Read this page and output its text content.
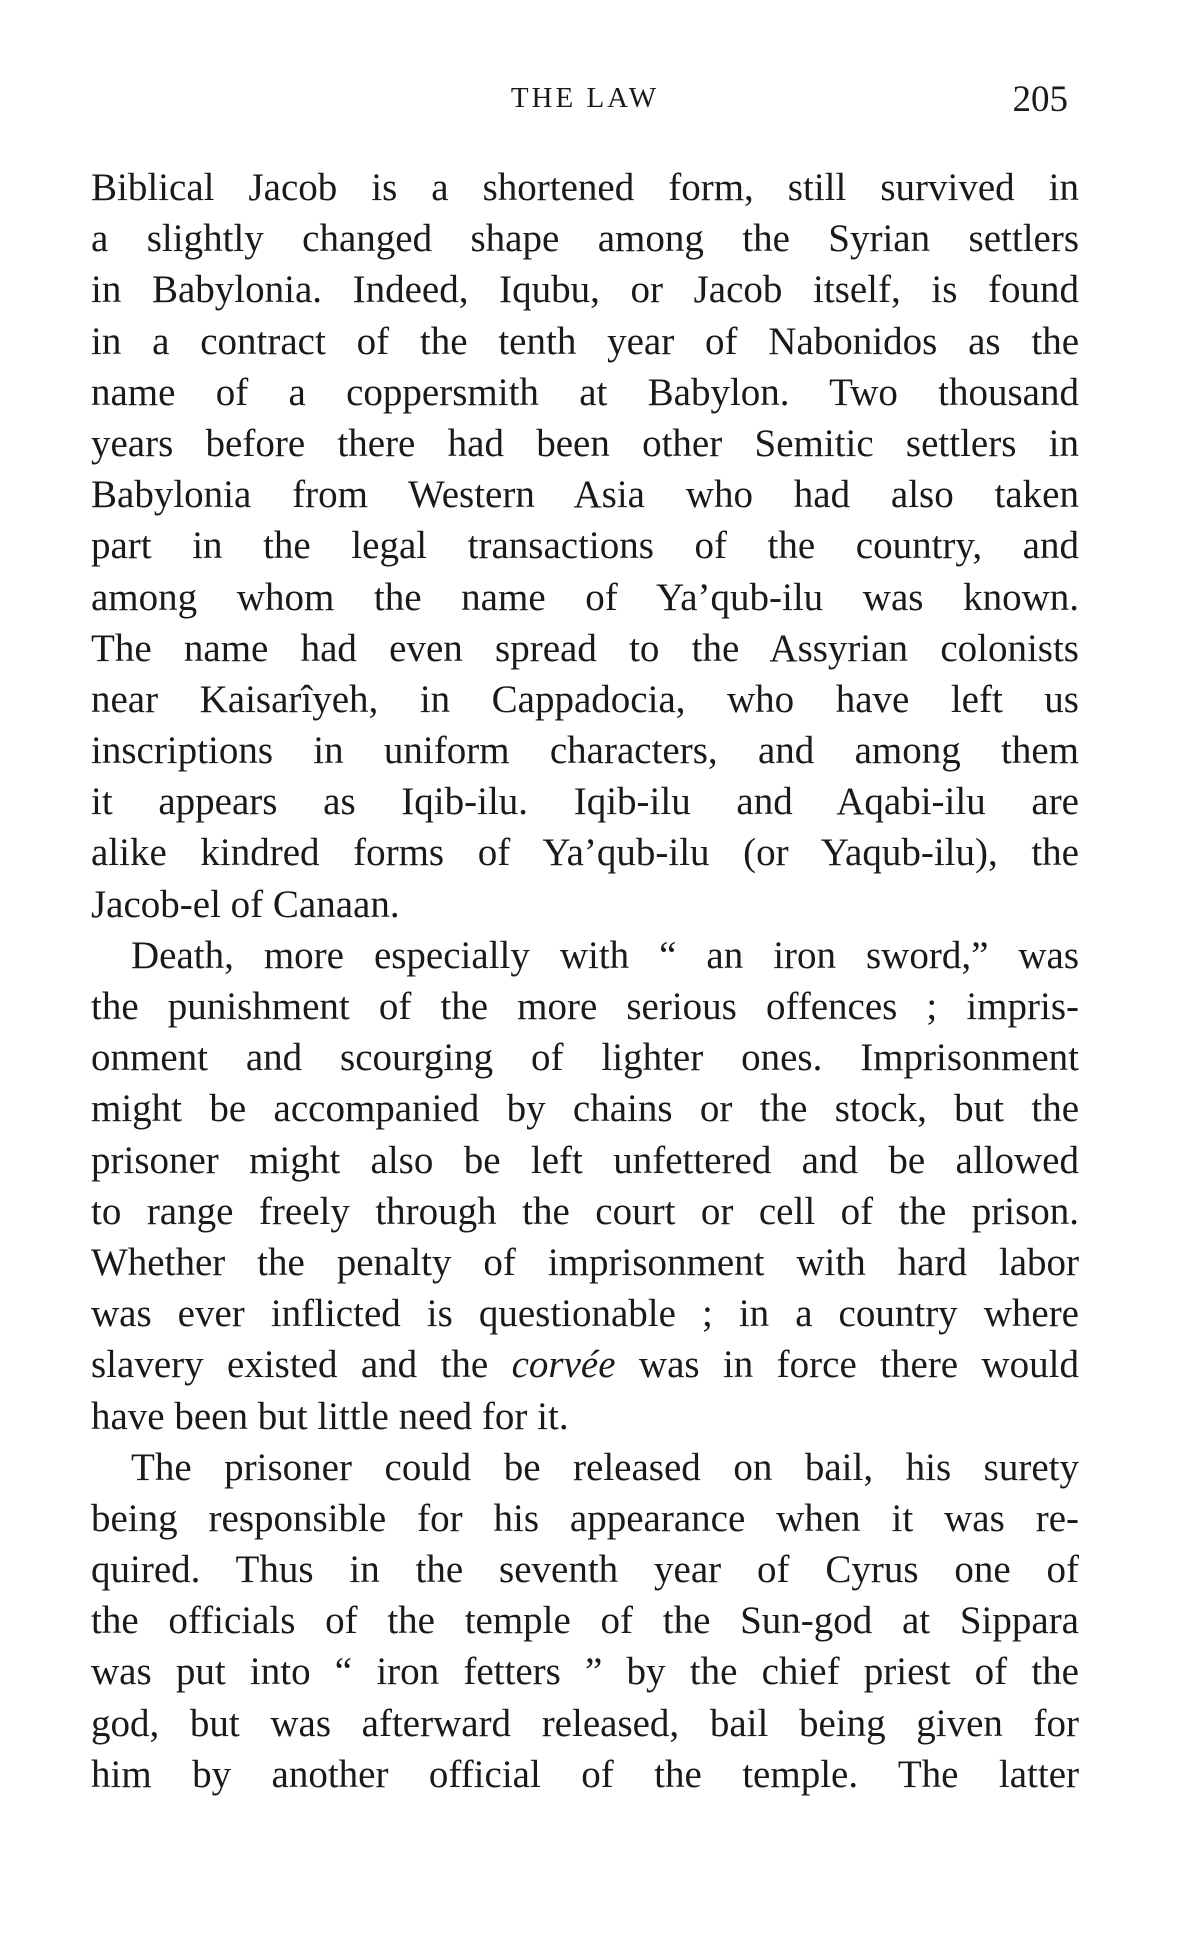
THE LAW	205
Biblical Jacob is a shortened form, still survived in
a slightly changed shape among the Syrian settlers
in Babylonia. Indeed, Iqubu, or Jacob itself, is found
in a contract of the tenth year of Nabonidos as the
name of a coppersmith at Babylon. Two thousand
years before there had been other Semitic settlers in
Babylonia from Western Asia who had also taken
part in the legal transactions of the country, and
among whom the name of Ya’qub-ilu was known.
The name had even spread to the Assyrian colonists
near Kaisarîyeh, in Cappadocia, who have left us
inscriptions in uniform characters, and among them
it appears as Iqib-ilu. Iqib-ilu and Aqabi-ilu are
alike kindred forms of Ya’qub-ilu (or Yaqub-ilu), the
Jacob-el of Canaan.
Death, more especially with “ an iron sword,” was
the punishment of the more serious offences ; impris-
onment and scourging of lighter ones. Imprisonment
might be accompanied by chains or the stock, but the
prisoner might also be left unfettered and be allowed
to range freely through the court or cell of the prison.
Whether the penalty of imprisonment with hard labor
was ever inflicted is questionable ; in a country where
slavery existed and the corvée was in force there would
have been but little need for it.
The prisoner could be released on bail, his surety
being responsible for his appearance when it was re-
quired. Thus in the seventh year of Cyrus one of
the officials of the temple of the Sun-god at Sippara
was put into “ iron fetters ” by the chief priest of the
god, but was afterward released, bail being given for
him by another official of the temple. The latter
